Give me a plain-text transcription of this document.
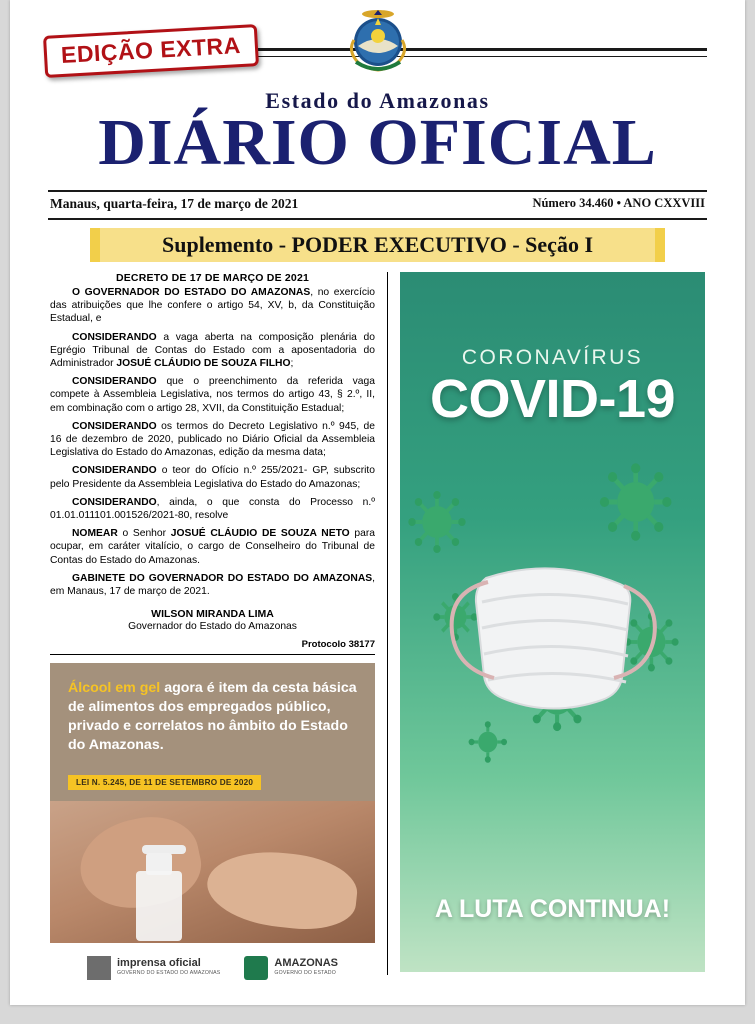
EDIÇÃO EXTRA
Estado do Amazonas
DIÁRIO OFICIAL
Manaus, quarta-feira, 17 de março de 2021	Número 34.460 • ANO CXXVIII
Suplemento - PODER EXECUTIVO - Seção I
DECRETO DE 17 DE MARÇO DE 2021

O GOVERNADOR DO ESTADO DO AMAZONAS, no exercício das atribuições que lhe confere o artigo 54, XV, b, da Constituição Estadual, e

CONSIDERANDO a vaga aberta na composição plenária do Egrégio Tribunal de Contas do Estado com a aposentadoria do Administrador JOSUÉ CLÁUDIO DE SOUZA FILHO;

CONSIDERANDO que o preenchimento da referida vaga compete à Assembleia Legislativa, nos termos do artigo 43, § 2.º, II, em combinação com o artigo 28, XVII, da Constituição Estadual;

CONSIDERANDO os termos do Decreto Legislativo n.º 945, de 16 de dezembro de 2020, publicado no Diário Oficial da Assembleia Legislativa do Estado do Amazonas, edição da mesma data;

CONSIDERANDO o teor do Ofício n.º 255/2021- GP, subscrito pelo Presidente da Assembleia Legislativa do Estado do Amazonas;

CONSIDERANDO, ainda, o que consta do Processo n.º 01.01.011101.001526/2021-80, resolve

NOMEAR o Senhor JOSUÉ CLÁUDIO DE SOUZA NETO para ocupar, em caráter vitalício, o cargo de Conselheiro do Tribunal de Contas do Estado do Amazonas.

GABINETE DO GOVERNADOR DO ESTADO DO AMAZONAS, em Manaus, 17 de março de 2021.

WILSON MIRANDA LIMA
Governador do Estado do Amazonas
Protocolo 38177
Álcool em gel agora é item da cesta básica de alimentos dos empregados público, privado e correlatos no âmbito do Estado do Amazonas.
LEI N. 5.245, DE 11 DE SETEMBRO DE 2020
imprensa oficial
GOVERNO DO ESTADO DO AMAZONAS
AMAZONAS
GOVERNO DO ESTADO
CORONAVÍRUS
COVID-19
A LUTA CONTINUA!
